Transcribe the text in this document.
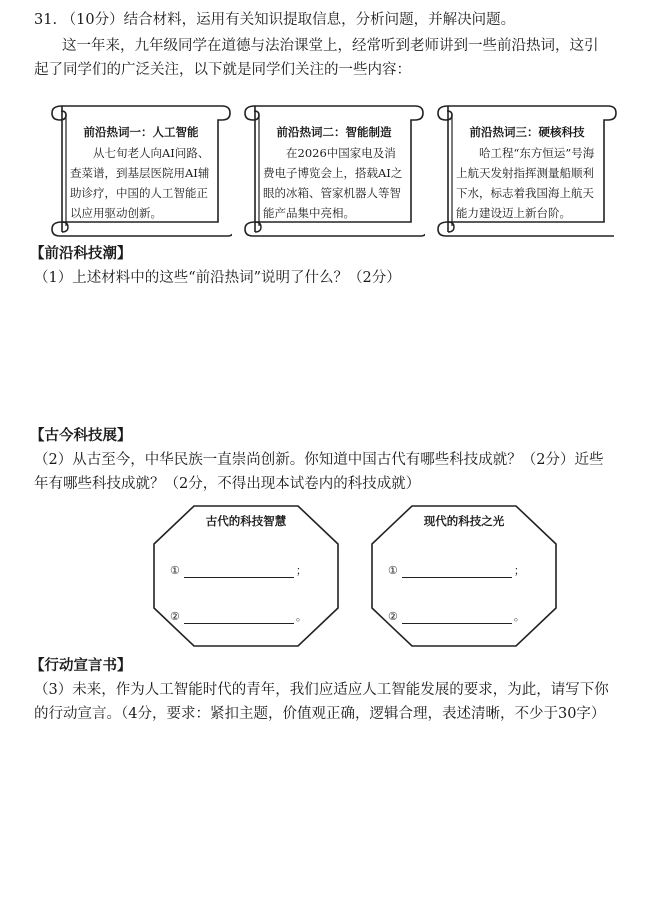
31. （10分）结合材料，运用有关知识提取信息，分析问题，并解决问题。
这一年来，九年级同学在道德与法治课堂上，经常听到老师讲到一些前沿热词，这引
起了同学们的广泛关注，以下就是同学们关注的一些内容：
前沿热词一：人工智能
从七旬老人向AI问路、查菜谱，到基层医院用AI辅助诊疗，中国的人工智能正以应用驱动创新。
前沿热词二：智能制造
在2026中国家电及消费电子博览会上，搭载AI之眼的冰箱、管家机器人等智能产品集中亮相。
前沿热词三：硬核科技
哈工程“东方恒运”号海上航天发射指挥测量船顺利下水，标志着我国海上航天能力建设迈上新台阶。
【前沿科技潮】
（1）上述材料中的这些“前沿热词”说明了什么？（2分）
【古今科技展】
（2）从古至今，中华民族一直崇尚创新。你知道中国古代有哪些科技成就？（2分）近些
年有哪些科技成就？（2分，不得出现本试卷内的科技成就）
古代的科技智慧
①	；
②	。
现代的科技之光
①	；
②	。
【行动宣言书】
（3）未来，作为人工智能时代的青年，我们应适应人工智能发展的要求，为此，请写下你
的行动宣言。（4分，要求：紧扣主题，价值观正确，逻辑合理，表述清晰，不少于30字）
